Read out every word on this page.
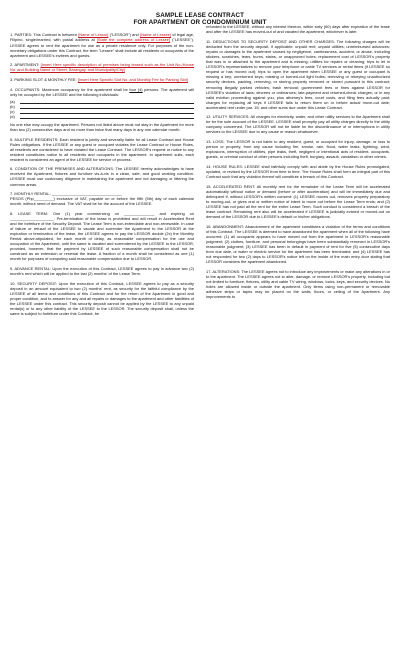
SAMPLE LEASE CONTRACT
FOR APARTMENT OR CONDOMINIUM UNIT
1. PARTIES: This Contract is between [Name of Lessor] ("LESSOR") and [Name of Lessee] of legal age, Filipino, single/married, with postal address at [State the complete address of Lessee] ("LESSEE"). LESSEE agrees to rent the apartment for use as a private residence only. For purposes of the non-monetary obligations under this Contract, the term "Lessee" shall include all residents or occupants of the apartment and LESSEE's invitees and guests.
2. APARTMENT: [Insert Here specific description of premises being leased such as the Unit No./House No. and Building Name or Street, Barangay, and Municipality/City]
3. PARKING SLOT & MONTHLY FEE: [Insert Here Specific Slot No. and Monthly Fee for Parking Slot]
4. OCCUPANTS: Maximum occupancy for the apartment shall be four (4) persons. The apartment will only be occupied by the LESSEE and the following individuals:
(a)
(b)
(c)
(d)
No one else may occupy the apartment. Persons not listed above must not stay in the Apartment for more than two (2) consecutive days and no more than twice that many days in any one calendar month.
5. MULTIPLE RESIDENTS: Each resident is jointly and severally liable for all Lease Contract and House Rules obligations. If the LESSEE or any guest or occupant violates the Lease Contract or House Rules, all residents are considered to have violated the Lease Contract. The LESSOR's request or notice to any resident constitutes notice to all residents and occupants in the apartment. In apartment suits, each resident is considered an agent of the LESSEE for service of process.
6. CONDITION OF THE PREMISES AND ALTERATIONS: The LESSEE hereby acknowledges to have received the Apartment, fixtures and furniture vis-à-vis in a clean, safe, and good working condition. LESSEE must use customary diligence in maintaining the apartment and not damaging or littering the common areas.
7. MONTHLY RENTAL: ________________________________
PESOS (Php_________) exclusive of VAT, payable on or before the fifth (5th) day of each calendar month, without need of demand. The VAT shall be for the account of the LESSEE.
8. LEASE TERM: One (1) year commencing on ______________ and expiring on ____________________. Pre-termination of the lease is prohibited and will result in Accelerated Rent and the forfeiture of the Security Deposit. The Lease Term is non-extendable and non-renewable. In case of failure or refusal of the LESSEE to vacate and surrender the Apartment to the LESSOR at the expiration or termination of the lease, the LESSEE agrees to pay the LESSOR double (2x) the Monthly Rental above-stipulated, for each month of delay, as reasonable compensation for the use and occupation of the Apartment, until the same is vacated and surrendered by the LESSEE to the LESSOR, provided, however, that the payment by LESSEE of such reasonable compensation shall not be construed as an extension or renewal the lease. A fraction of a month shall be considered as one (1) month for purposes of computing said reasonable compensation due to LESSOR.
9. ADVANCE RENTAL: Upon the execution of this Contract, LESSEE agrees to pay in advance two (2) month's rent which will be applied to the last (2) months' of the Lease Term.
10. SECURITY DEPOSIT: Upon the execution of this Contract, LESSEE agrees to pay as a security deposit in an amount equivalent to two (2) months' rent, as security for the faithful compliance by the LESSEE of all terms and conditions of this Contract and for the return of the Apartment in good and proper condition, and to answer for any and all repairs or damages to the apartment and other liabilities of the LESSEE under this contract. This security deposit cannot be applied by the LESSEE to any unpaid rental(s) or to any other liability of the LESSEE to the LESSOR. The security deposit shall, unless the same is subject to forfeiture under this Contract, be
refunded to the LESSEE, without any interest thereon, within sixty (60) days after expiration of the lease and after the LESSEE has moved-out of and vacated the apartment, whichever is later.
11. DEDUCTIONS TO SECURITY DEPOSIT AND OTHER CHARGES: The following charges will be deducted from the security deposit, if applicable: unpaid rent; unpaid utilities; unreimbursed advances; repairs or damages to the apartment caused by negligence, carelessness, accident, or abuse, including stickers, scratches, tears, burns, stains, or unapproved holes; replacement cost of LESSOR's property that was in or attached to the apartment and is missing; utilities for repairs or cleaning; trips to let in LESSOR's representatives to remove your telephone or cable TV services or rental items (if LESSEE so request or has moved out); trips to open the apartment when LESSEE or any guest or occupant is missing a key; unreturned keys; missing or burned-out light bulbs; removing or rekeying unauthorized security devices, packing, removing, or storing property removed or stored pursuant to this contract; removing illegally parked vehicles; trash removal; government fees or fines against LESSOR for LESSEE's violation of laws; decrees or ordinances; late-payment and returned-check charges; or in any valid eviction proceeding against you, plus attorney's fees, court costs, and filing fees actually paid; charges for replacing all keys if LESSEE fails to return them on or before actual move-out date; accelerated rent under par. 15; and other sums due under this Lease Contract.
12. UTILITY SERVICES: All charges for electricity, water, and other utility services to the Apartment shall be for the sole account of the LESSEE. LESSEE shall promptly pay all utility charges directly to the utility company concerned. The LESSOR will not be liable for the discontinuance of or interruptions in utility services to the LESSEE due to any cause or reason whatsoever.
13. LOSS: The LESSOR is not liable to any resident, guest, or occupant for injury, damage, or loss to person or property, from any cause including fire, smoke, rain, flood, water leaks, lightning, wind, explosions, interruption of utilities, pipe leaks, theft, negligent or intentional acts of resident, occupants, guests, or criminal conduct of other persons including theft, burglary, assault, vandalism or other crimes.
14. HOUSE RULES: LESSEE shall faithfully comply with and abide by the House Rules promulgated, updated, or revised by the LESSOR from time to time. The House Rules shall form an integral part of this Contract such that any violation thereof will constitute a breach of this Contract.
15. ACCELERATED RENT: All monthly rent for the remainder of the Lease Term will be accelerated automatically without notice or demand (before or after acceleration) and will be immediately due and delinquent if, without LESSOR's written consent: (1) LESSEE moves out, removes property preparatory to moving-out, or gives oral or written notice of intent to move out before the Lease Term ends; and (2) LESSEE has not paid all the rent for the entire Lease Term. Such conduct is considered a breach of the lease contract. Remaining rent also will be accelerated if LESSEE is judicially evicted or moved-out on demand of the LESSOR due to LESSEE's default or his/her obligations.
16. ABANDONMENT: Abandonment of the apartment constitutes a violation of the terms and conditions of this Contract. The LESSEE is deemed to have abandoned the apartment when all of the following have occurred: (1) all occupants appears to have moved out from the apartment in LESSOR's reasonable judgment; (2) clothes, furniture, and personal belongings have been substantially removed in LESSOR's reasonable judgment; (3) LESSEE has been in default in payment of rent for five (5) consecutive days from due date, or water or electric service for the apartment has been terminated; and (4) LESSEE has not responded for two (2) days to LESSOR's notice left on the inside of the main entry door stating that LESSOR considers the apartment abandoned.
17. ALTERATIONS: The LESSEE agrees not to introduce any improvements or make any alterations in or to the apartment. The LESSEE agrees not to alter, damage, or remove LESSOR's property, including but not limited to furniture, fixtures, utility and cable TV wiring, windows, locks, keys, and security devices. No holes are allowed inside or outside the apartment. Only items using non-permanent or removable adhesive strips or tapes may be placed on the walls, floors, or ceiling of the Apartment. Any improvements to
